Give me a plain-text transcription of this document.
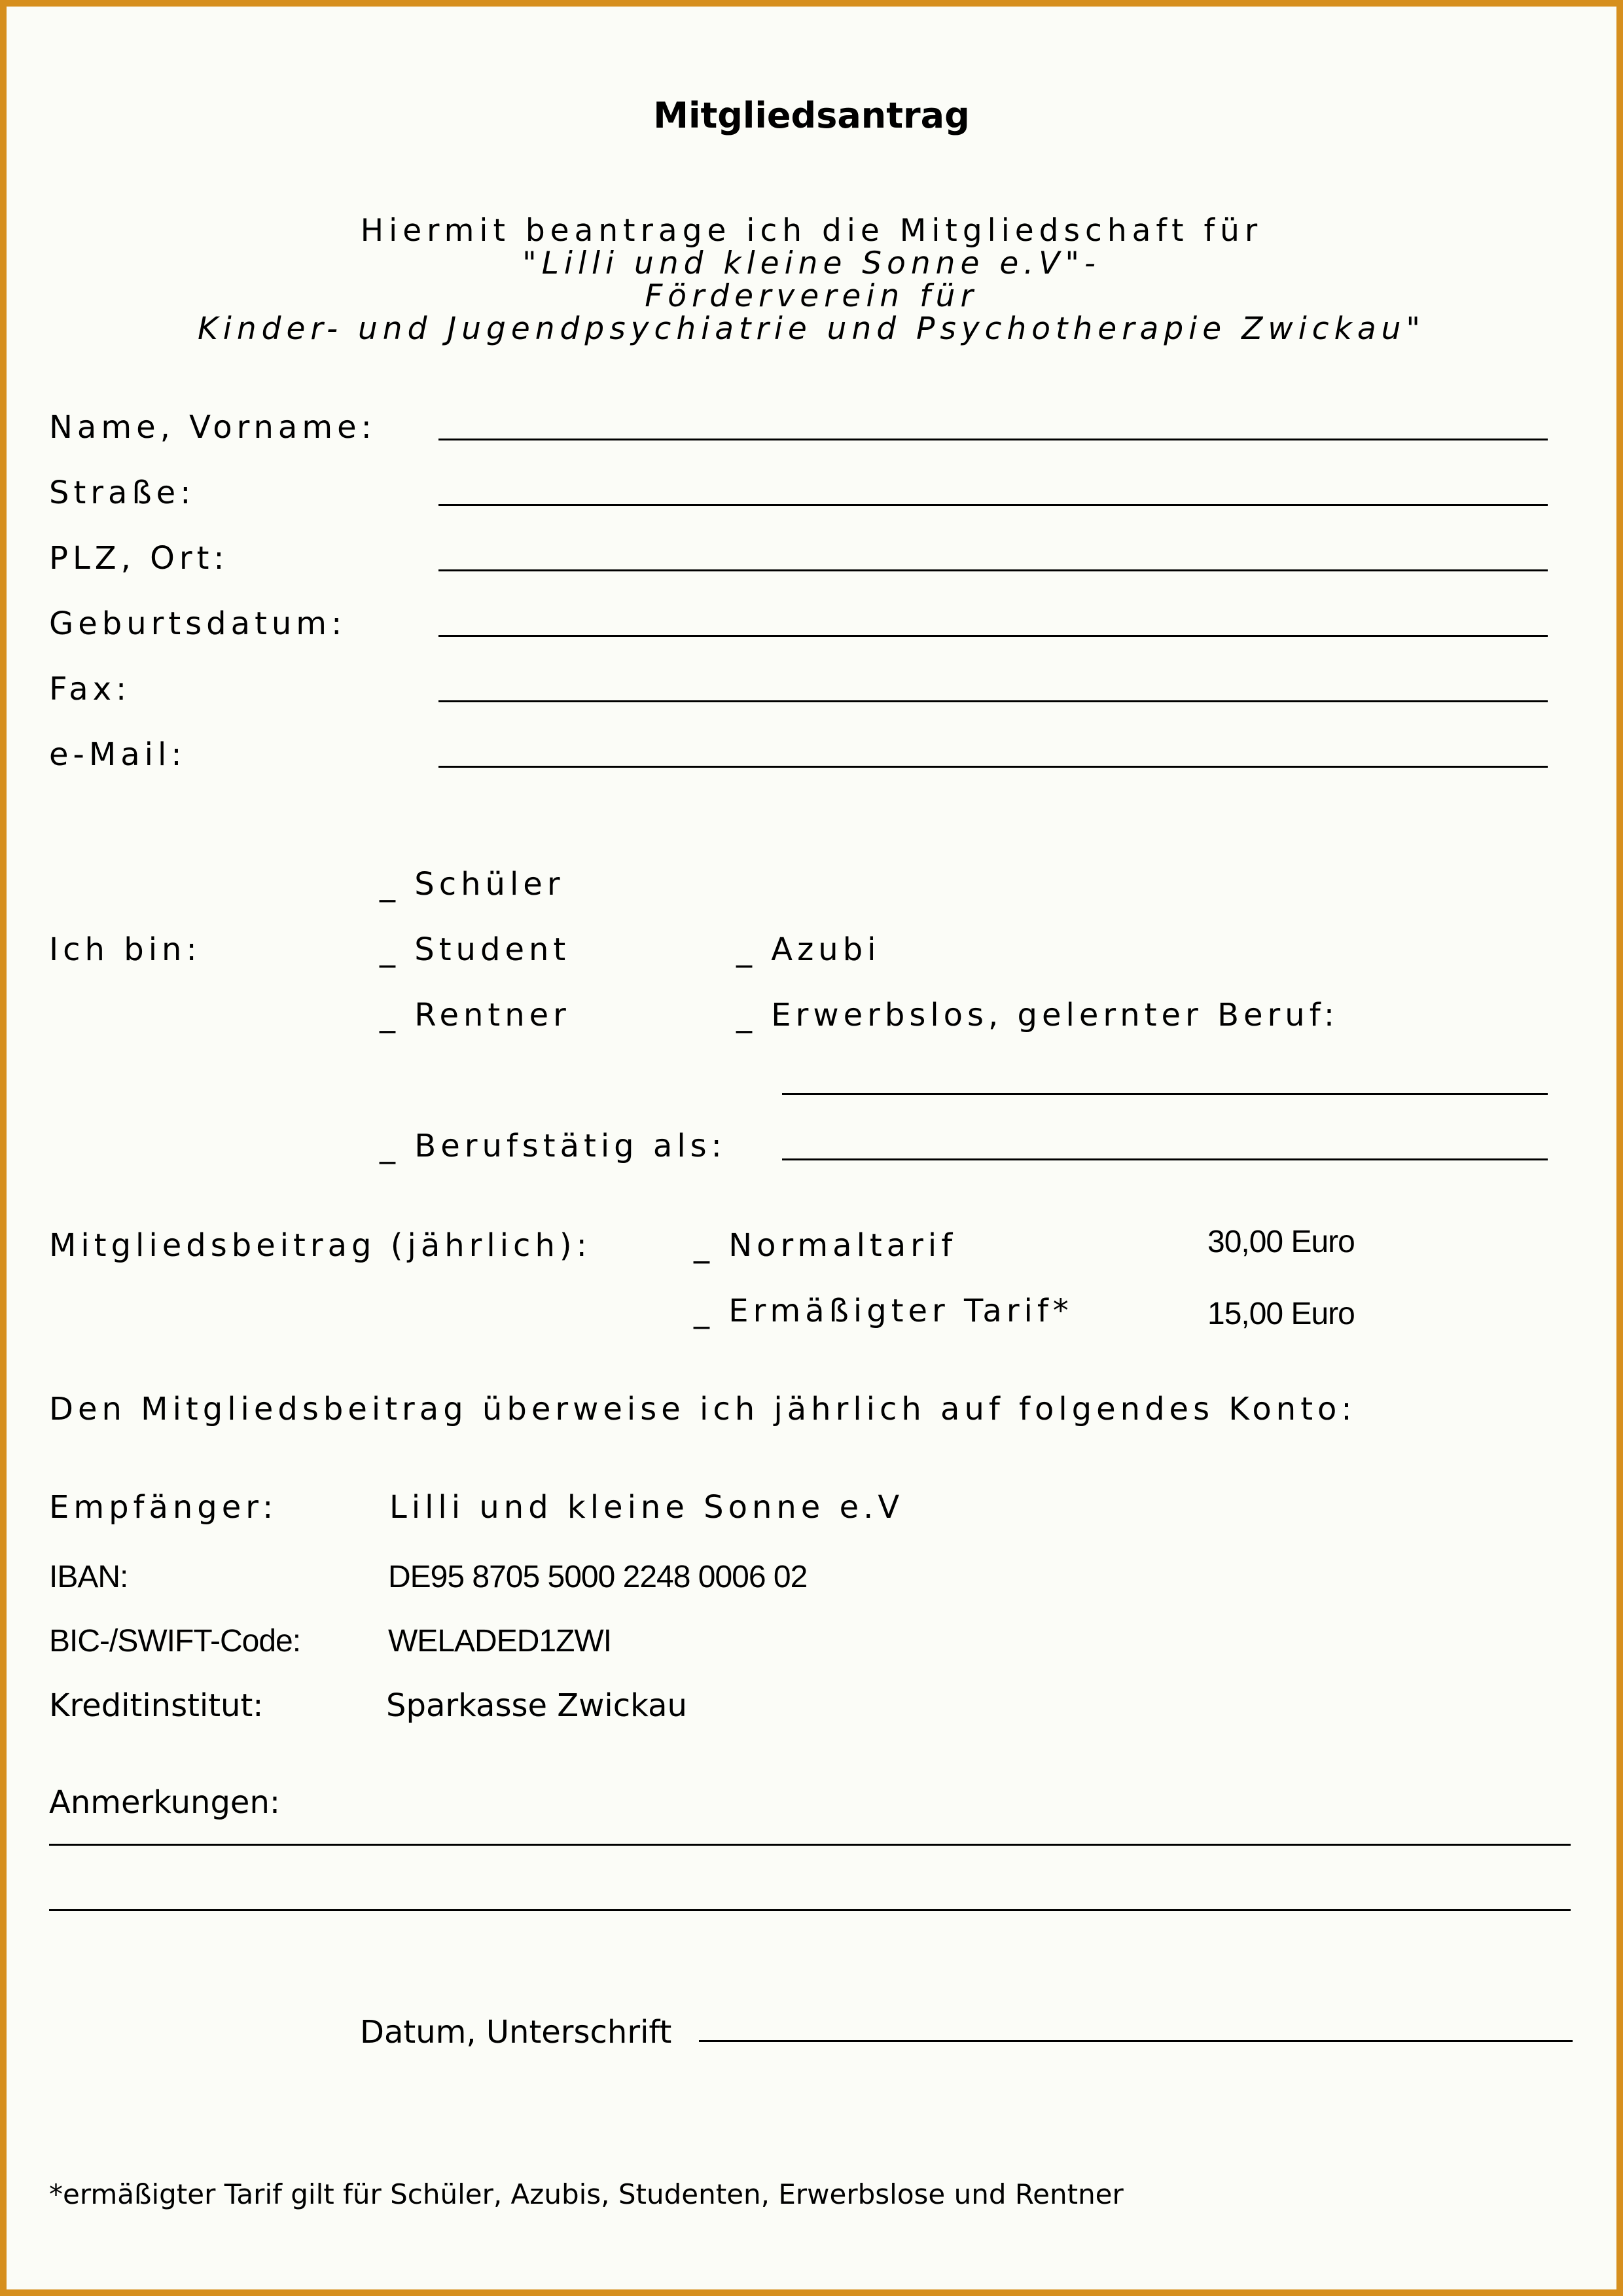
Mitgliedsantrag
Hiermit beantrage ich die Mitgliedschaft für
"Lilli und kleine Sonne e.V"-
Förderverein für
Kinder- und Jugendpsychiatrie und Psychotherapie Zwickau"
Name, Vorname:
Straße:
PLZ, Ort:
Geburtsdatum:
Fax:
e-Mail:
_ Schüler
Ich bin:	_ Student	_ Azubi
_ Rentner	_ Erwerbslos, gelernter Beruf:
_ Berufstätig als:
Mitgliedsbeitrag (jährlich):	_ Normaltarif	30,00 Euro
_ Ermäßigter Tarif*	15,00 Euro
Den Mitgliedsbeitrag überweise ich jährlich auf folgendes Konto:
Empfänger:	Lilli und kleine Sonne e.V
IBAN:	DE95 8705 5000 2248 0006 02
BIC-/SWIFT-Code:	WELADED1ZWI
Kreditinstitut:	Sparkasse Zwickau
Anmerkungen:
Datum, Unterschrift
*ermäßigter Tarif gilt für Schüler, Azubis, Studenten, Erwerbslose und Rentner
